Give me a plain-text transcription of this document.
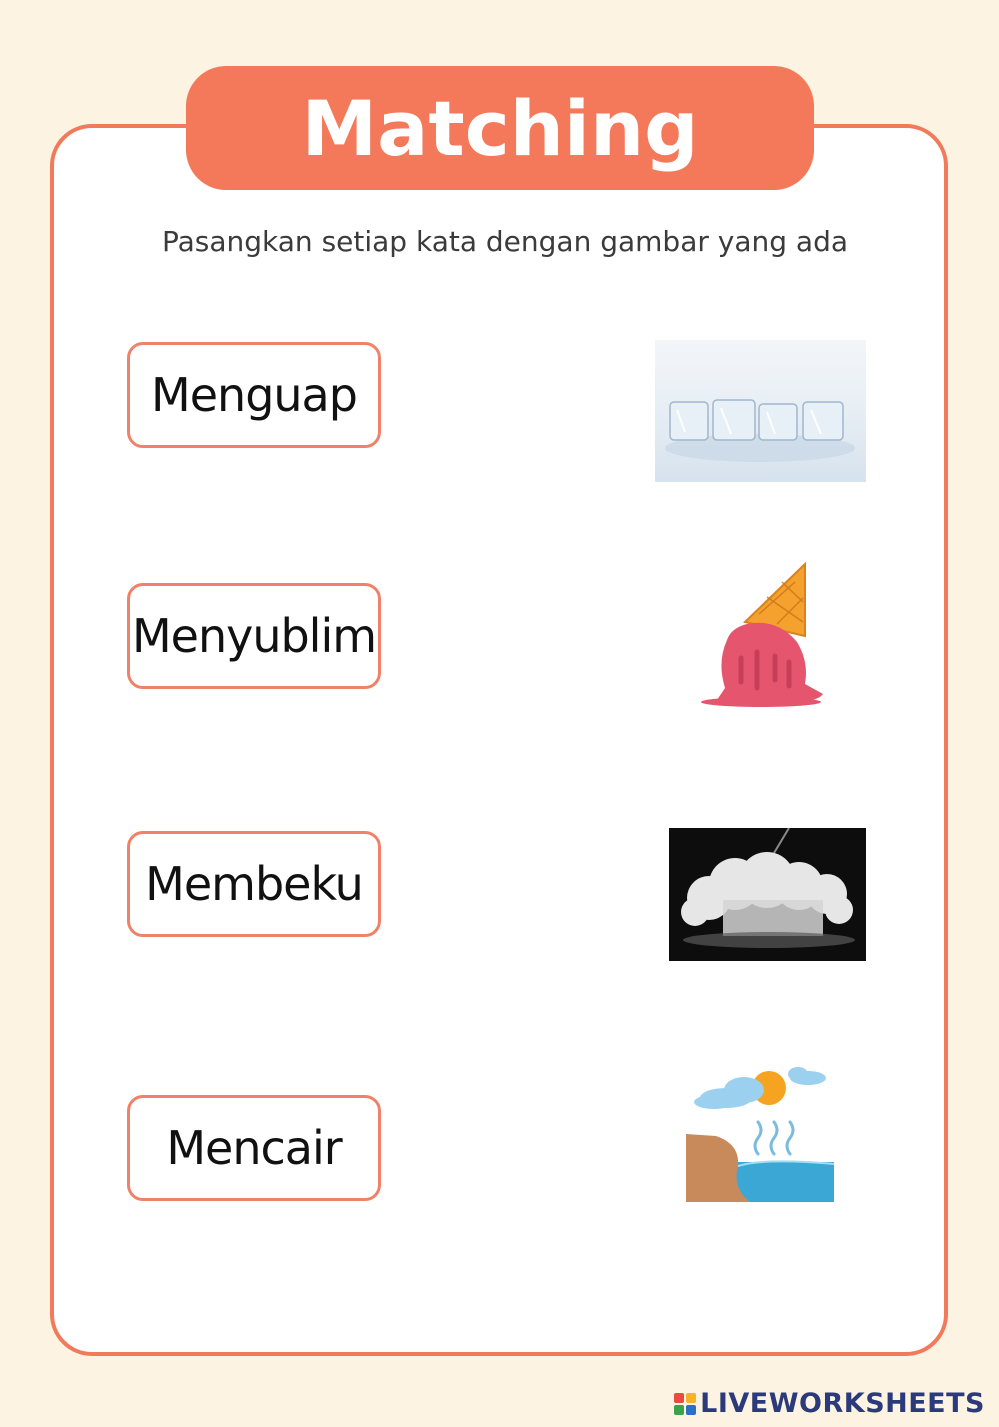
Matching
Pasangkan setiap kata dengan gambar yang ada
Menguap
Menyublim
Membeku
Mencair
LIVEWORKSHEETS
